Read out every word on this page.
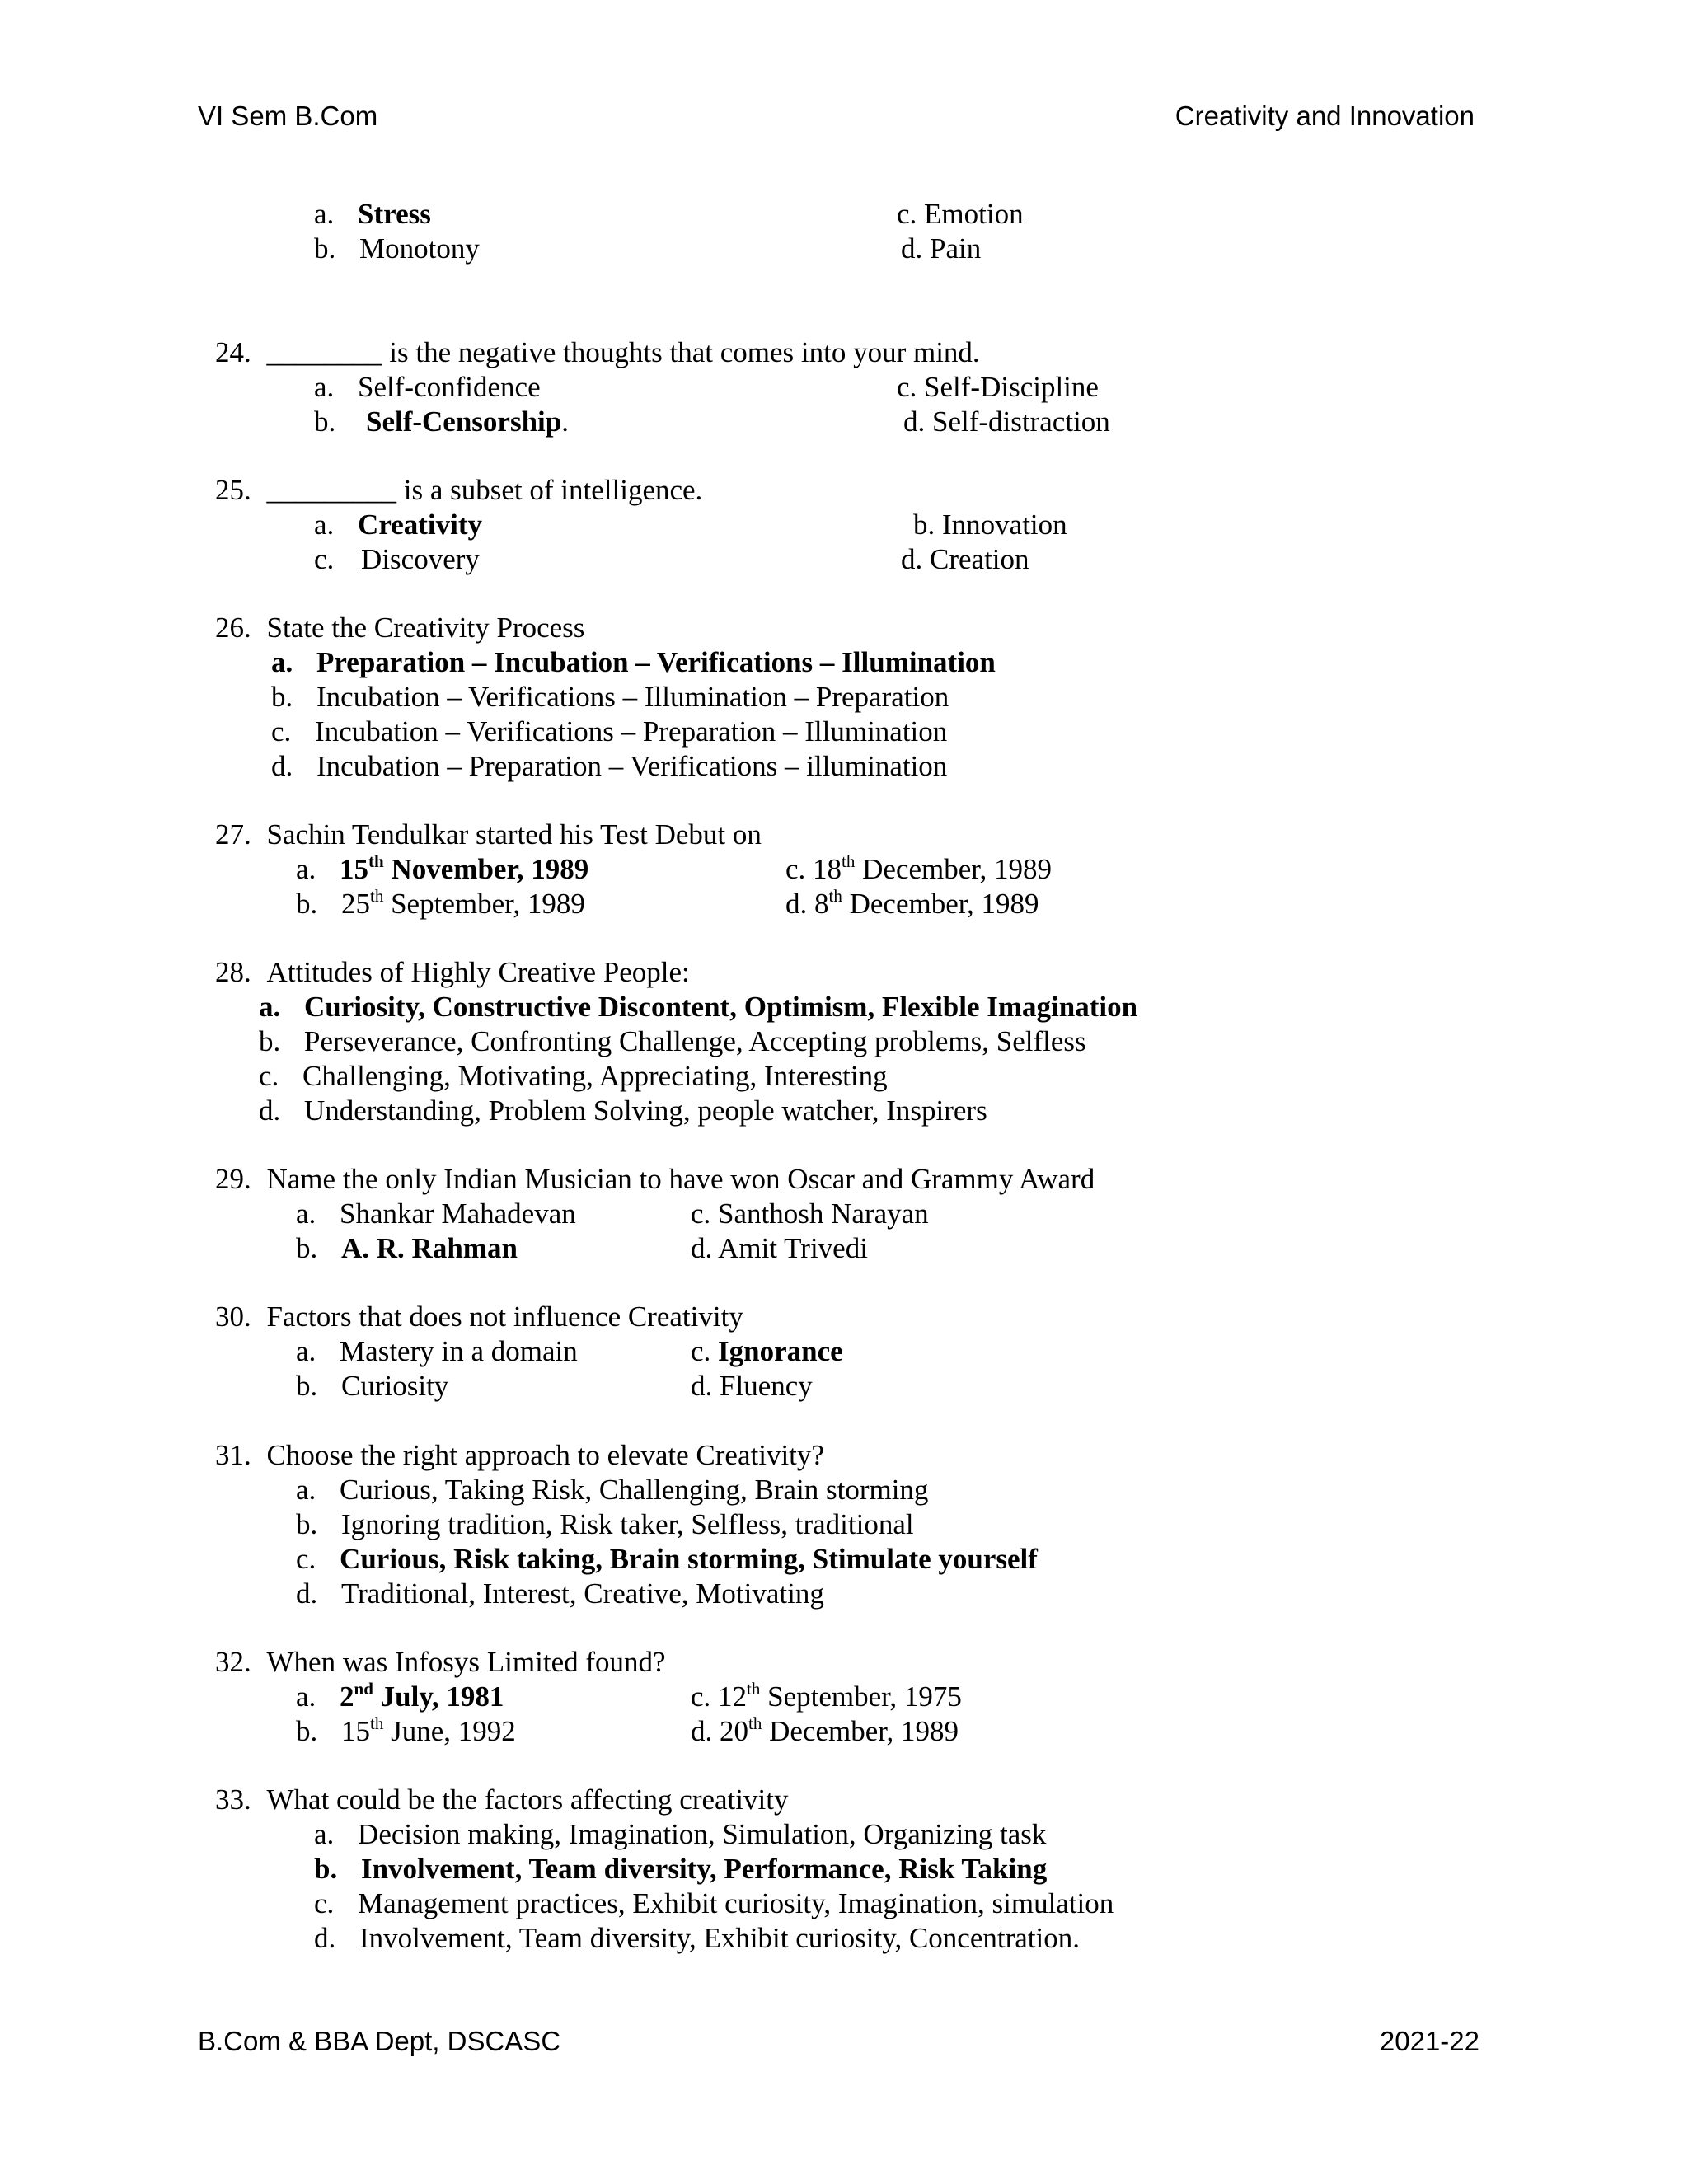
VI Sem B.Com	Creativity and Innovation
a. Stress	c. Emotion
b. Monotony	d. Pain
24. ________ is the negative thoughts that comes into your mind.
a. Self-confidence	c. Self-Discipline
b. Self-Censorship.	d. Self-distraction
25. _________ is a subset of intelligence.
a. Creativity	b. Innovation
c. Discovery	d. Creation
26. State the Creativity Process
a. Preparation – Incubation – Verifications – Illumination
b. Incubation – Verifications – Illumination – Preparation
c. Incubation – Verifications – Preparation – Illumination
d. Incubation – Preparation – Verifications – illumination
27. Sachin Tendulkar started his Test Debut on
a. 15th November, 1989	c. 18th December, 1989
b. 25th September, 1989	d. 8th December, 1989
28. Attitudes of Highly Creative People:
a. Curiosity, Constructive Discontent, Optimism, Flexible Imagination
b. Perseverance, Confronting Challenge, Accepting problems, Selfless
c. Challenging, Motivating, Appreciating, Interesting
d. Understanding, Problem Solving, people watcher, Inspirers
29. Name the only Indian Musician to have won Oscar and Grammy Award
a. Shankar Mahadevan	c. Santhosh Narayan
b. A. R. Rahman	d. Amit Trivedi
30. Factors that does not influence Creativity
a. Mastery in a domain	c. Ignorance
b. Curiosity	d. Fluency
31. Choose the right approach to elevate Creativity?
a. Curious, Taking Risk, Challenging, Brain storming
b. Ignoring tradition, Risk taker, Selfless, traditional
c. Curious, Risk taking, Brain storming, Stimulate yourself
d. Traditional, Interest, Creative, Motivating
32. When was Infosys Limited found?
a. 2nd July, 1981	c. 12th September, 1975
b. 15th June, 1992	d. 20th December, 1989
33. What could be the factors affecting creativity
a. Decision making, Imagination, Simulation, Organizing task
b. Involvement, Team diversity, Performance, Risk Taking
c. Management practices, Exhibit curiosity, Imagination, simulation
d. Involvement, Team diversity, Exhibit curiosity, Concentration.
B.Com & BBA Dept, DSCASC	2021-22
